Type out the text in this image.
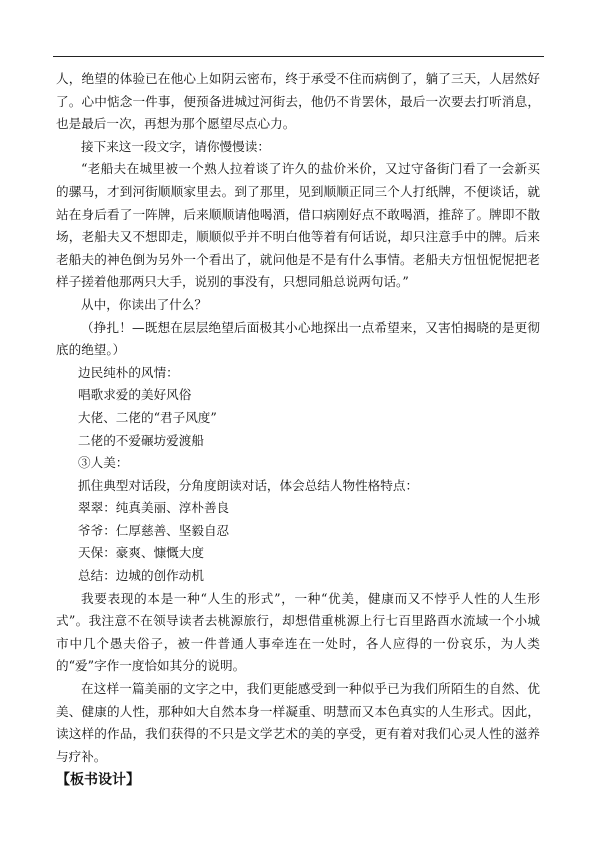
人，绝望的体验已在他心上如阴云密布，终于承受不住而病倒了，躺了三天，人居然好了。心中惦念一件事，便预备进城过河街去，他仍不肯罢休，最后一次要去打听消息，也是最后一次，再想为那个愿望尽点心力。

接下来这一段文字，请你慢慢读：

“老船夫在城里被一个熟人拉着谈了许久的盐价米价，又过守备街门看了一会新买的骡马，才到河街顺顺家里去。到了那里，见到顺顺正同三个人打纸牌，不便谈话，就站在身后看了一阵牌，后来顺顺请他喝酒，借口病刚好点不敢喝酒，推辞了。牌即不散场，老船夫又不想即走，顺顺似乎并不明白他等着有何话说，却只注意手中的牌。后来老船夫的神色倒为另外一个看出了，就问他是不是有什么事情。老船夫方忸忸怩怩把老样子搓着他那两只大手，说别的事没有，只想同船总说两句话。”

从中，你读出了什么？

（挣扎！—既想在层层绝望后面极其小心地探出一点希望来，又害怕揭晓的是更彻底的绝望。）

边民纯朴的风情：

唱歌求爱的美好风俗

大佬、二佬的“君子风度”

二佬的不爱碾坊爱渡船

③人美：

抓住典型对话段，分角度朗读对话，体会总结人物性格特点：

翠翠：纯真美丽、淳朴善良

爷爷：仁厚慈善、坚毅自忍

天保：豪爽、慷慨大度

总结：边城的创作动机

我要表现的本是一种“人生的形式”，一种“优美，健康而又不悖乎人性的人生形式”。我注意不在领导读者去桃源旅行，却想借重桃源上行七百里路酉水流域一个小城市中几个愚夫俗子，被一件普通人事牵连在一处时，各人应得的一份哀乐，为人类的“爱”字作一度恰如其分的说明。

在这样一篇美丽的文字之中，我们更能感受到一种似乎已为我们所陌生的自然、优美、健康的人性，那种如大自然本身一样凝重、明慧而又本色真实的人生形式。因此，读这样的作品，我们获得的不只是文学艺术的美的享受，更有着对我们心灵人性的滋养与疗补。

【板书设计】
